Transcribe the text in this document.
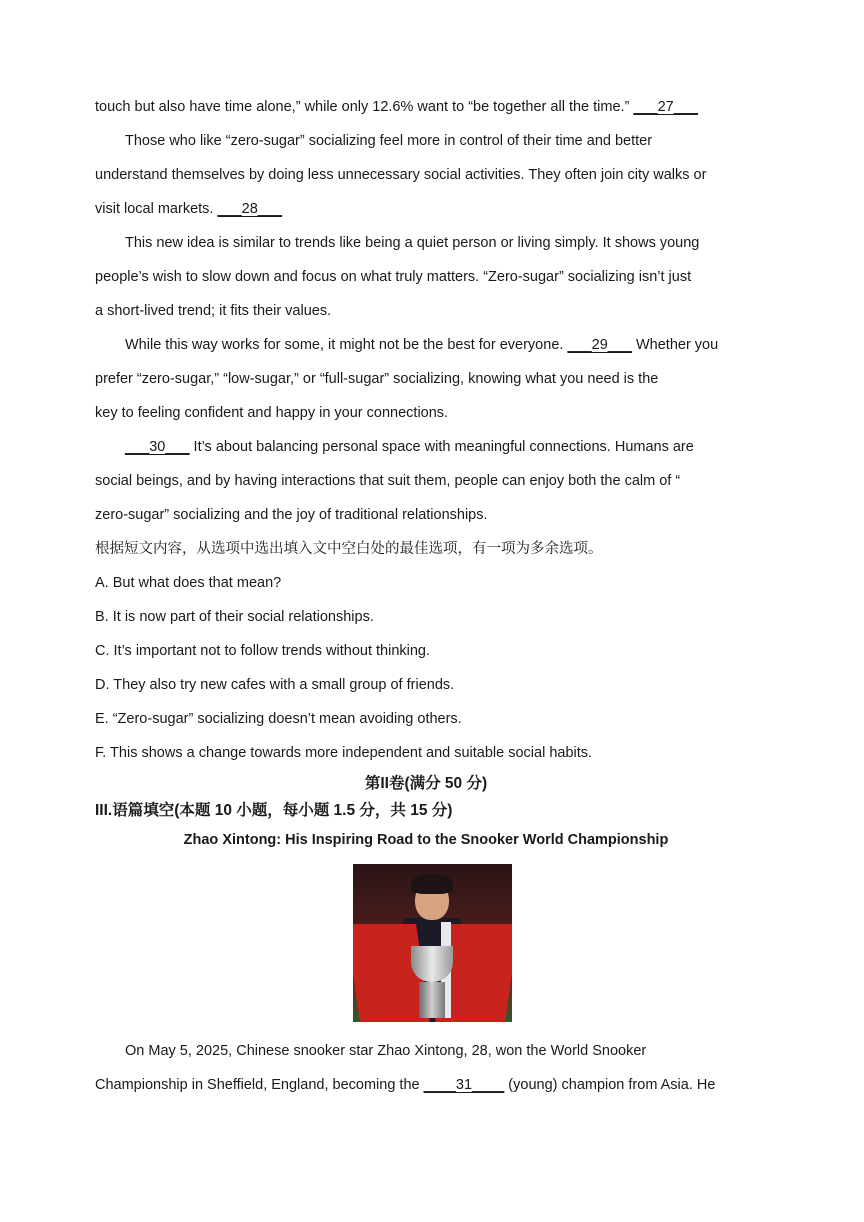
touch but also have time alone,” while only 12.6% want to “be together all the time.” ___27___
Those who like “zero-sugar” socializing feel more in control of their time and better
understand themselves by doing less unnecessary social activities. They often join city walks or
visit local markets. ___28___
This new idea is similar to trends like being a quiet person or living simply. It shows young
people’s wish to slow down and focus on what truly matters. “Zero-sugar” socializing isn’t just
a short-lived trend; it fits their values.
While this way works for some, it might not be the best for everyone. ___29___ Whether you
prefer “zero-sugar,” “low-sugar,” or “full-sugar” socializing, knowing what you need is the
key to feeling confident and happy in your connections.
___30___ It’s about balancing personal space with meaningful connections. Humans are
social beings, and by having interactions that suit them, people can enjoy both the calm of “
zero-sugar” socializing and the joy of traditional relationships.
根据短文内容，从选项中选出填入文中空白处的最佳选项，有一项为多余选项。
A. But what does that mean?
B. It is now part of their social relationships.
C. It’s important not to follow trends without thinking.
D. They also try new cafes with a small group of friends.
E. “Zero-sugar” socializing doesn’t mean avoiding others.
F. This shows a change towards more independent and suitable social habits.
第II卷(满分 50 分)
III.语篇填空(本题 10 小题，每小题 1.5 分，共 15 分)
Zhao Xintong: His Inspiring Road to the Snooker World Championship
On May 5, 2025, Chinese snooker star Zhao Xintong, 28, won the World Snooker
Championship in Sheffield, England, becoming the ____31____ (young) champion from Asia. He
